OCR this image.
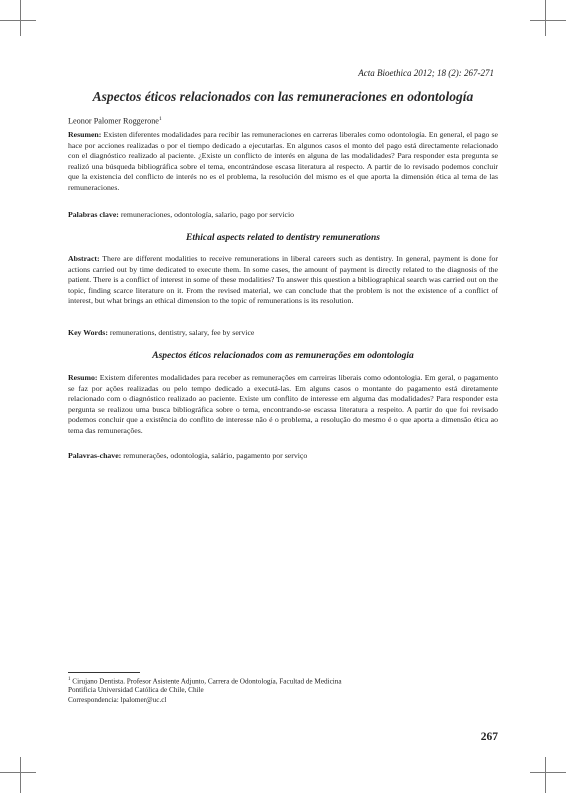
Acta Bioethica 2012; 18 (2): 267-271
Aspectos éticos relacionados con las remuneraciones en odontología
Leonor Palomer Roggerone$^1$

Resumen: Existen diferentes modalidades para recibir las remuneraciones en carreras liberales como odontología. En general, el pago se hace por acciones realizadas o por el tiempo dedicado a ejecutarlas. En algunos casos el monto del pago está directamente relacionado con el diagnóstico realizado al paciente. ¿Existe un conflicto de interés en alguna de las modalidades? Para responder esta pregunta se realizó una búsqueda bibliográfica sobre el tema, encontrándose escasa literatura al respecto. A partir de lo revisado podemos concluir que la existencia del conflicto de interés no es el problema, la resolución del mismo es el que aporta la dimensión ética al tema de las remuneraciones.

Palabras clave: remuneraciones, odontología, salario, pago por servicio

Ethical aspects related to dentistry remunerations

Abstract: There are different modalities to receive remunerations in liberal careers such as dentistry. In general, payment is done for actions carried out by time dedicated to execute them. In some cases, the amount of payment is directly related to the diagnosis of the patient. There is a conflict of interest in some of these modalities? To answer this question a bibliographical search was carried out on the topic, finding scarce literature on it. From the revised material, we can conclude that the problem is not the existence of a conflict of interest, but what brings an ethical dimension to the topic of remunerations is its resolution.

Key Words: remunerations, dentistry, salary, fee by service

Aspectos éticos relacionados com as remunerações em odontologia

Resumo: Existem diferentes modalidades para receber as remunerações em carreiras liberais como odontologia. Em geral, o pagamento se faz por ações realizadas ou pelo tempo dedicado a executá-las. Em alguns casos o montante do pagamento está diretamente relacionado com o diagnóstico realizado ao paciente. Existe um conflito de interesse em alguma das modalidades? Para responder esta pergunta se realizou uma busca bibliográfica sobre o tema, encontrando-se escassa literatura a respeito. A partir do que foi revisado podemos concluir que a existência do conflito de interesse não é o problema, a resolução do mesmo é o que aporta a dimensão ética ao tema das remunerações.

Palavras-chave: remunerações, odontologia, salário, pagamento por serviço

$^1$ Cirujano Dentista. Profesor Asistente Adjunto, Carrera de Odontología, Facultad de Medicina

Pontificia Universidad Católica de Chile, Chile

Correspondencia: lpalomer@uc.cl

267
